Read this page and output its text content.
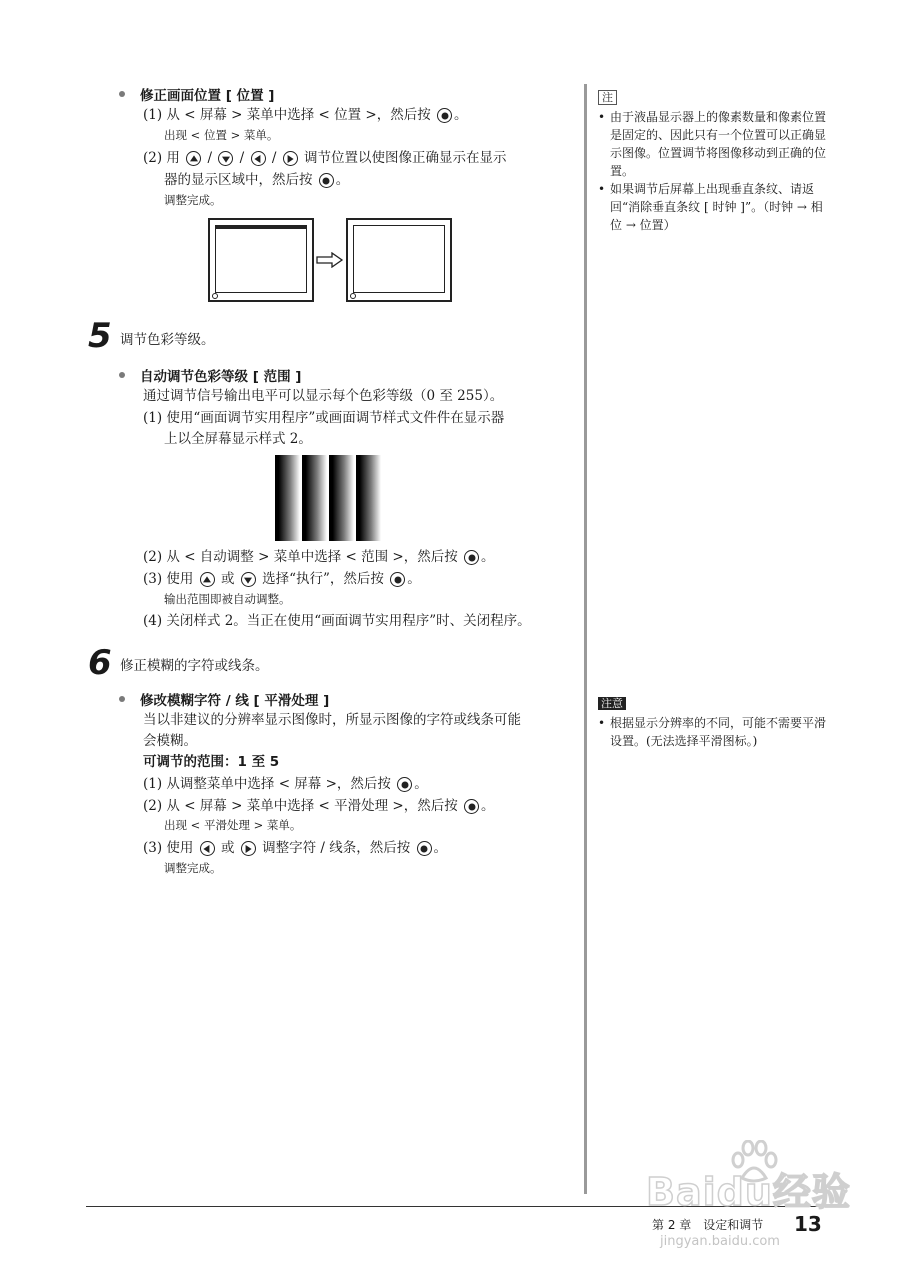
修正画面位置 [ 位置 ]
(1) 从 < 屏幕 > 菜单中选择 < 位置 >，然后按 。
出现 < 位置 > 菜单。
(2) 用 / / / 调节位置以使图像正确显示在显示
器的显示区域中，然后按 。
调整完成。
5 调节色彩等级。
自动调节色彩等级 [ 范围 ]
通过调节信号输出电平可以显示每个色彩等级（0 至 255）。
(1) 使用“画面调节实用程序”或画面调节样式文件件在显示器
上以全屏幕显示样式 2。
(2) 从 < 自动调整 > 菜单中选择 < 范围 >，然后按 。
(3) 使用 或 选择“执行”，然后按 。
输出范围即被自动调整。
(4) 关闭样式 2。当正在使用“画面调节实用程序”时、关闭程序。
6 修正模糊的字符或线条。
修改模糊字符 / 线 [ 平滑处理 ]
当以非建议的分辨率显示图像时，所显示图像的字符或线条可能
会模糊。
可调节的范围：1 至 5
(1) 从调整菜单中选择 < 屏幕 >，然后按 。
(2) 从 < 屏幕 > 菜单中选择 < 平滑处理 >，然后按 。
出现 < 平滑处理 > 菜单。
(3) 使用 或 调整字符 / 线条，然后按 。
调整完成。
注
• 由于液晶显示器上的像素数量和像素位置是固定的、因此只有一个位置可以正确显示图像。位置调节将图像移动到正确的位置。
• 如果调节后屏幕上出现垂直条纹、请返回“消除垂直条纹 [ 时钟 ]”。（时钟 → 相位 → 位置）
注意
• 根据显示分辨率的不同，可能不需要平滑设置。(无法选择平滑图标。)
第 2 章　设定和调节 13
Baidu经验
jingyan.baidu.com
